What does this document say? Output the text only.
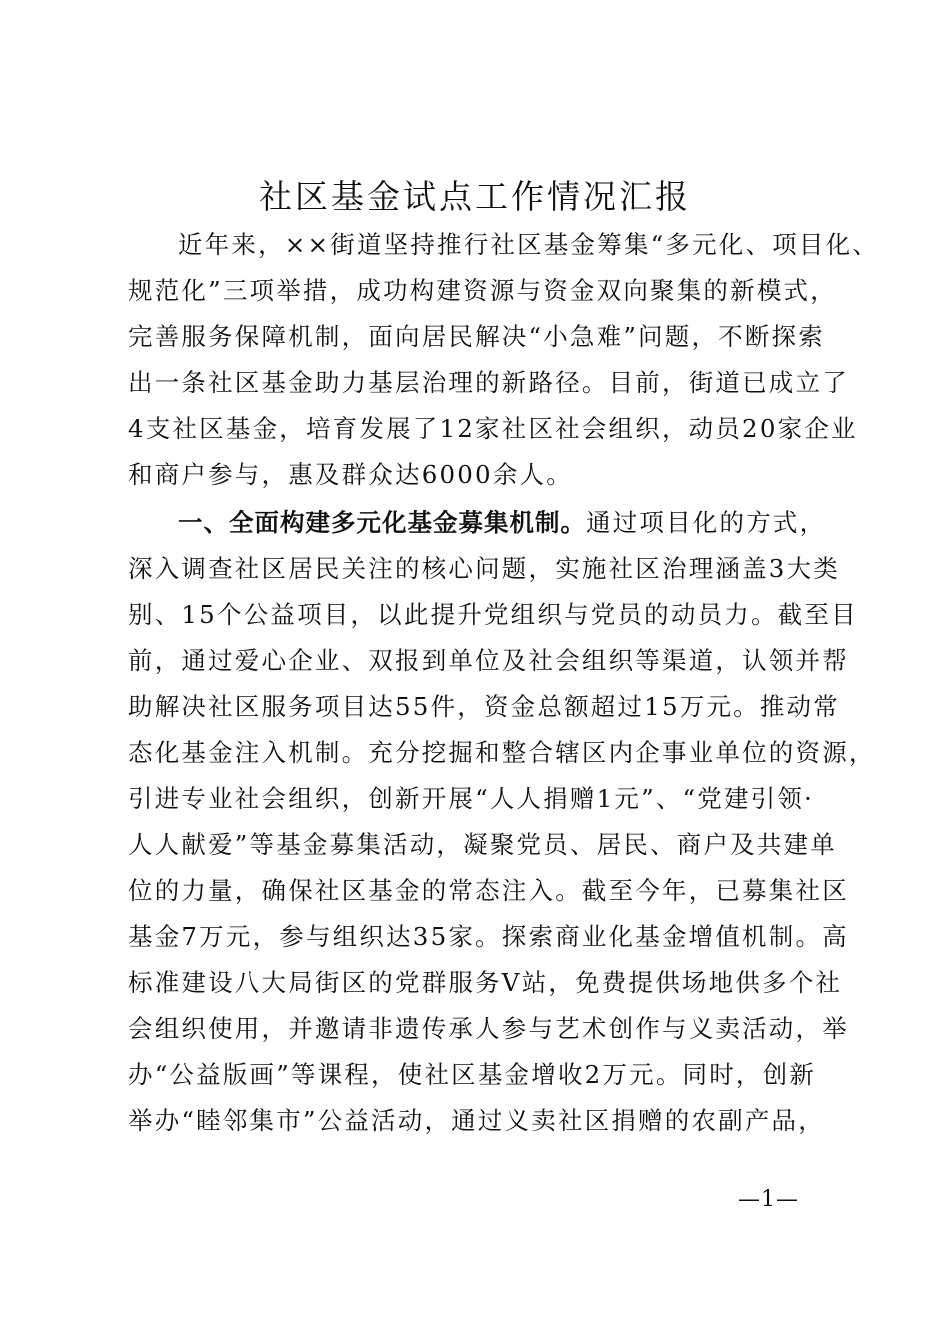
社区基金试点工作情况汇报
近年来，××街道坚持推行社区基金筹集“多元化、项目化、
规范化”三项举措，成功构建资源与资金双向聚集的新模式，
完善服务保障机制，面向居民解决“小急难”问题，不断探索
出一条社区基金助力基层治理的新路径。目前，街道已成立了
4支社区基金，培育发展了12家社区社会组织，动员20家企业
和商户参与，惠及群众达6000余人。
一、全面构建多元化基金募集机制。通过项目化的方式，
深入调查社区居民关注的核心问题，实施社区治理涵盖3大类
别、15个公益项目，以此提升党组织与党员的动员力。截至目
前，通过爱心企业、双报到单位及社会组织等渠道，认领并帮
助解决社区服务项目达55件，资金总额超过15万元。推动常
态化基金注入机制。充分挖掘和整合辖区内企事业单位的资源，
引进专业社会组织，创新开展“人人捐赠1元”、“党建引领·
人人献爱”等基金募集活动，凝聚党员、居民、商户及共建单
位的力量，确保社区基金的常态注入。截至今年，已募集社区
基金7万元，参与组织达35家。探索商业化基金增值机制。高
标准建设八大局街区的党群服务V站，免费提供场地供多个社
会组织使用，并邀请非遗传承人参与艺术创作与义卖活动，举
办“公益版画”等课程，使社区基金增收2万元。同时，创新
举办“睦邻集市”公益活动，通过义卖社区捐赠的农副产品，
—1—
